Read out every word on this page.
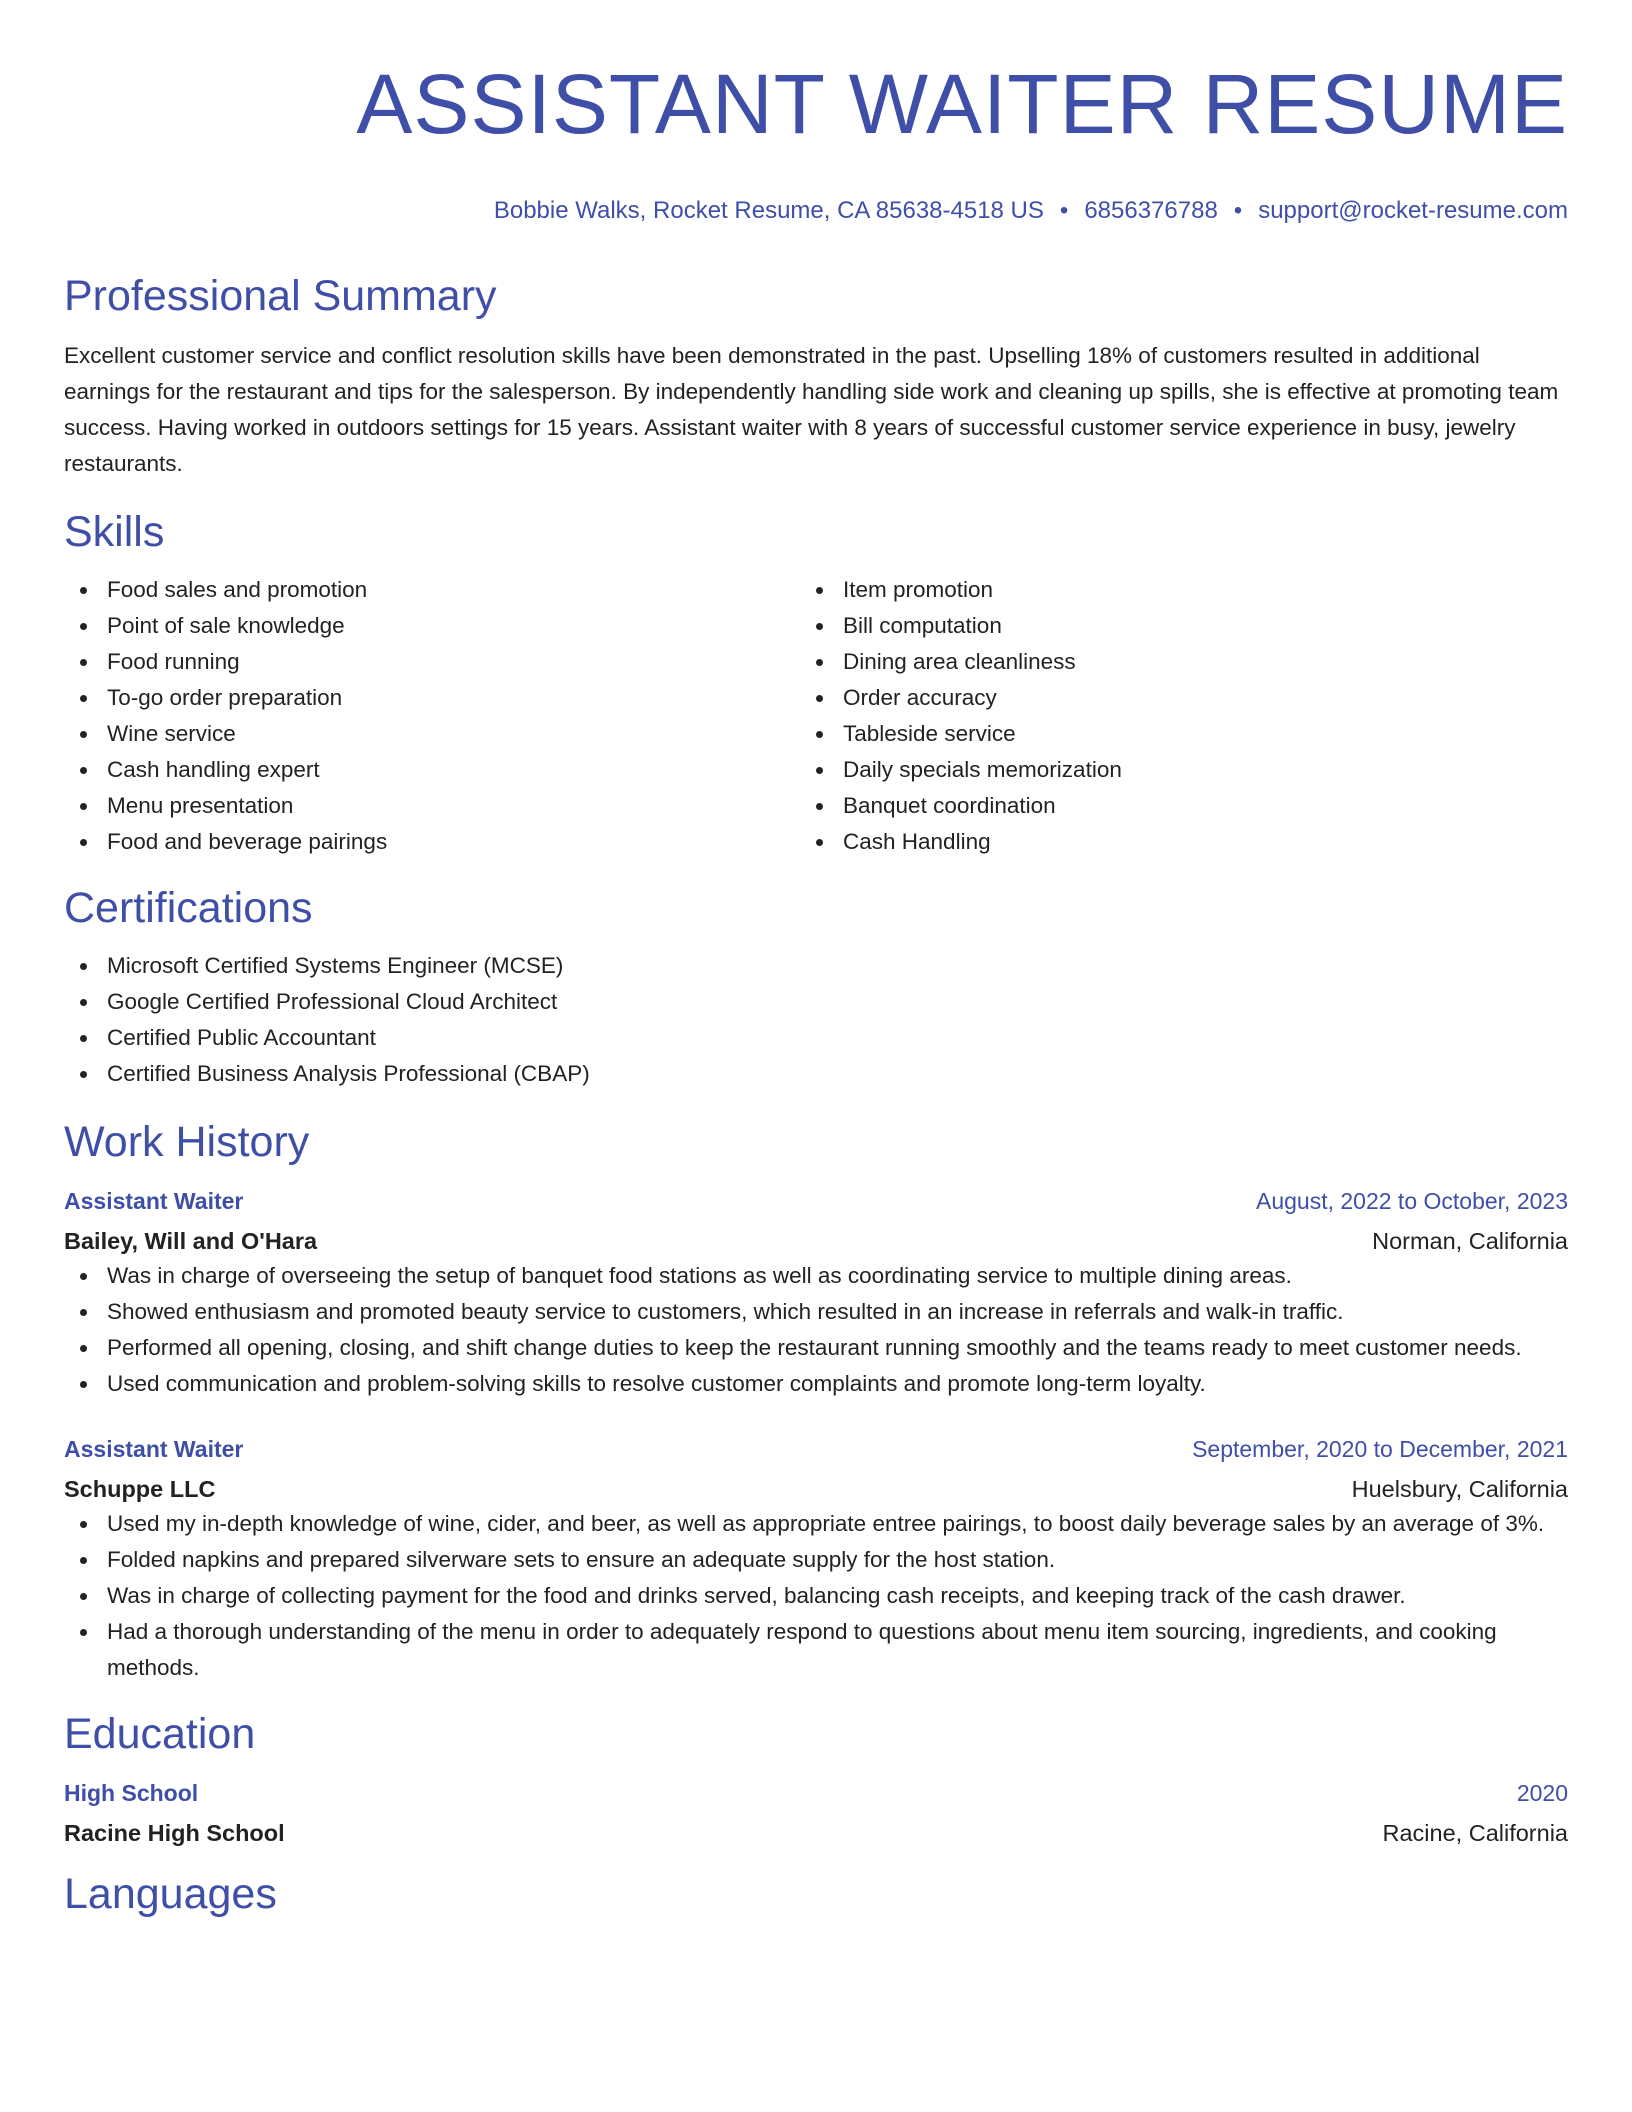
ASSISTANT WAITER RESUME
Bobbie Walks, Rocket Resume, CA 85638-4518 US • 6856376788 • support@rocket-resume.com
Professional Summary

Excellent customer service and conflict resolution skills have been demonstrated in the past. Upselling 18% of customers resulted in additional earnings for the restaurant and tips for the salesperson. By independently handling side work and cleaning up spills, she is effective at promoting team success. Having worked in outdoors settings for 15 years. Assistant waiter with 8 years of successful customer service experience in busy, jewelry restaurants.

Skills
Food sales and promotion
Point of sale knowledge
Food running
To-go order preparation
Wine service
Cash handling expert
Menu presentation
Food and beverage pairings
Item promotion
Bill computation
Dining area cleanliness
Order accuracy
Tableside service
Daily specials memorization
Banquet coordination
Cash Handling
Certifications
Microsoft Certified Systems Engineer (MCSE)
Google Certified Professional Cloud Architect
Certified Public Accountant
Certified Business Analysis Professional (CBAP)
Work History
Assistant Waiter	August, 2022 to October, 2023
Bailey, Will and O'Hara	Norman, California
Was in charge of overseeing the setup of banquet food stations as well as coordinating service to multiple dining areas.
Showed enthusiasm and promoted beauty service to customers, which resulted in an increase in referrals and walk-in traffic.
Performed all opening, closing, and shift change duties to keep the restaurant running smoothly and the teams ready to meet customer needs.
Used communication and problem-solving skills to resolve customer complaints and promote long-term loyalty.
Assistant Waiter	September, 2020 to December, 2021
Schuppe LLC	Huelsbury, California
Used my in-depth knowledge of wine, cider, and beer, as well as appropriate entree pairings, to boost daily beverage sales by an average of 3%.
Folded napkins and prepared silverware sets to ensure an adequate supply for the host station.
Was in charge of collecting payment for the food and drinks served, balancing cash receipts, and keeping track of the cash drawer.
Had a thorough understanding of the menu in order to adequately respond to questions about menu item sourcing, ingredients, and cooking methods.
Education
High School	2020
Racine High School	Racine, California
Languages
